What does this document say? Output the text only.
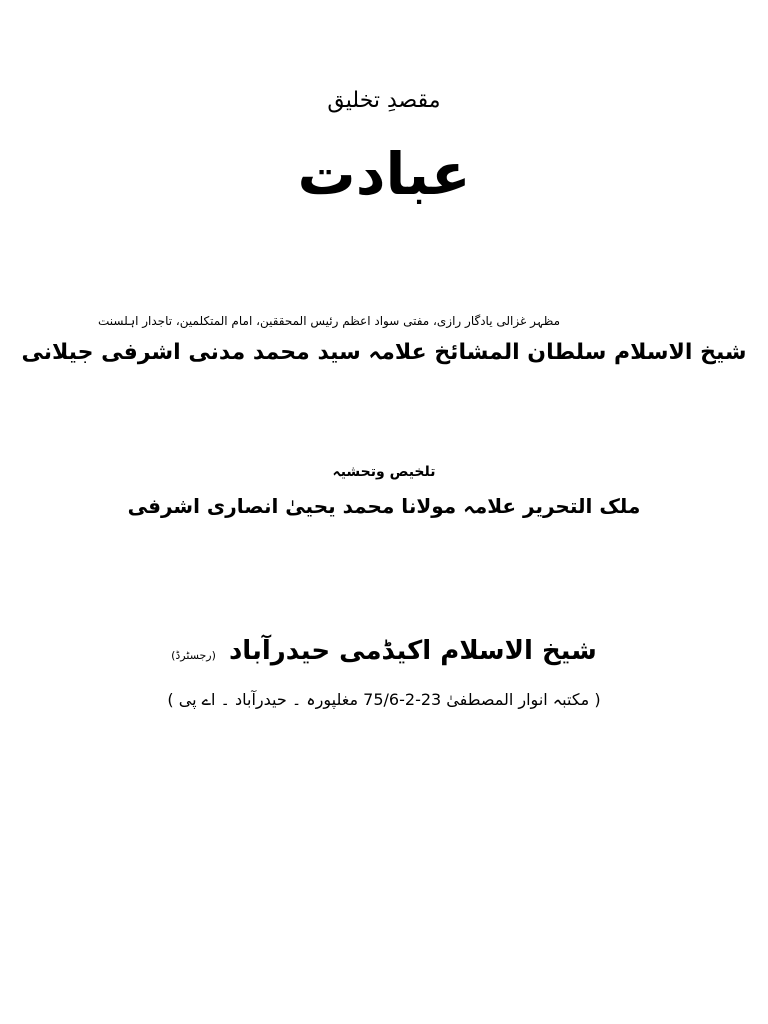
مقصدِ تخلیق
عبادت
مظہر غزالی یادگار رازی، مفتی سواد اعظم رئیس المحققین، امام المتکلمین، تاجدار اہلسنت
شیخ الاسلام سلطان المشائخ علامہ سید محمد مدنی اشرفی جیلانی
تلخیص وتحشیہ
ملک التحریر علامہ مولانا محمد یحییٰ انصاری اشرفی
شیخ الاسلام اکیڈمی حیدرآباد (رجسٹرڈ)
( مکتبہ انوار المصطفیٰ 23-2-75/6 مغلپورہ ۔ حیدرآباد ۔ اے پی )
